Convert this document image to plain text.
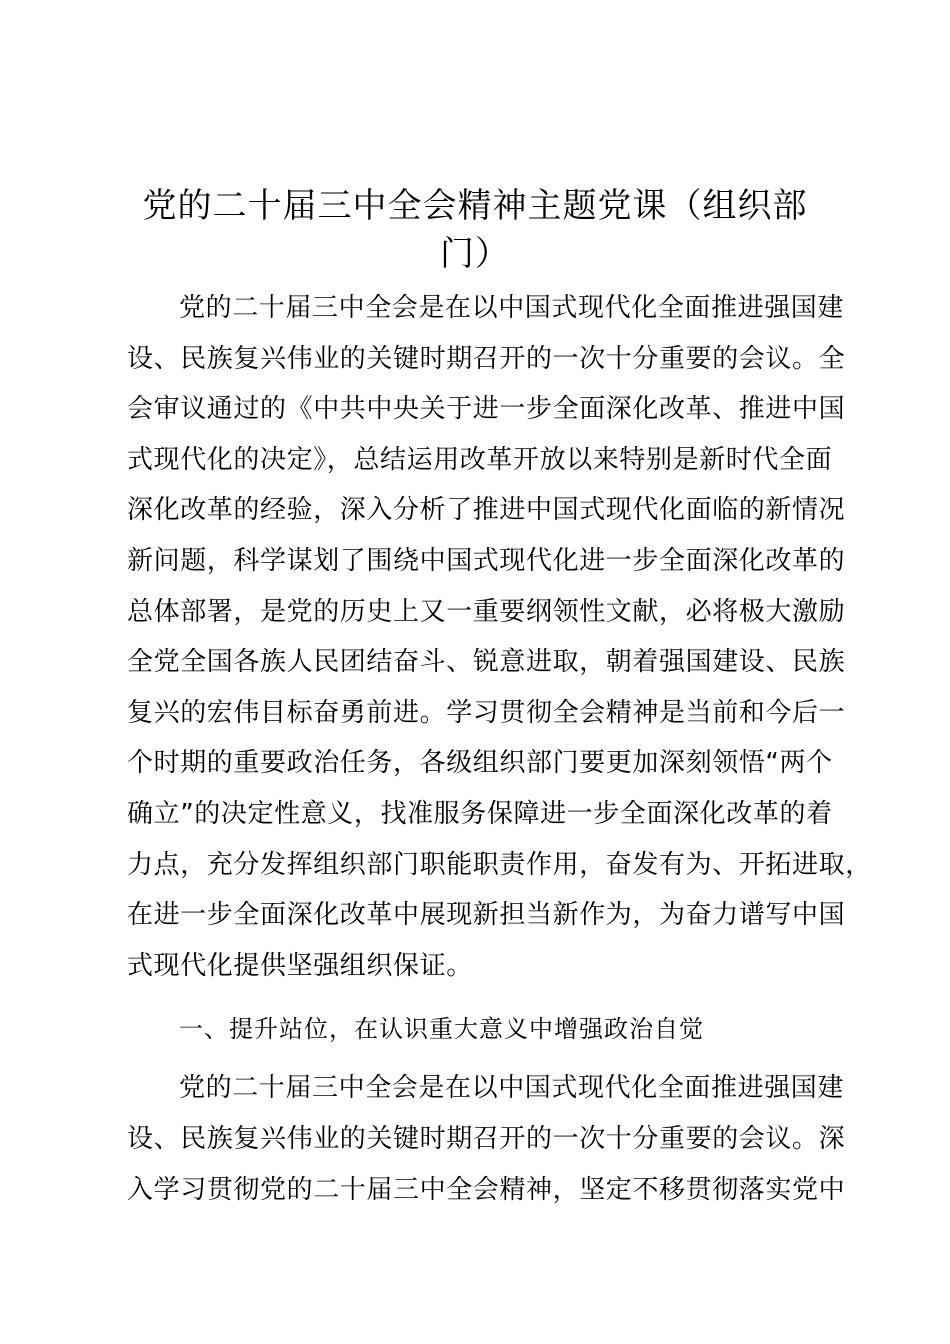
党的二十届三中全会精神主题党课（组织部
门）

党的二十届三中全会是在以中国式现代化全面推进强国建
设、民族复兴伟业的关键时期召开的一次十分重要的会议。全
会审议通过的《中共中央关于进一步全面深化改革、推进中国
式现代化的决定》，总结运用改革开放以来特别是新时代全面
深化改革的经验，深入分析了推进中国式现代化面临的新情况
新问题，科学谋划了围绕中国式现代化进一步全面深化改革的
总体部署，是党的历史上又一重要纲领性文献，必将极大激励
全党全国各族人民团结奋斗、锐意进取，朝着强国建设、民族
复兴的宏伟目标奋勇前进。学习贯彻全会精神是当前和今后一
个时期的重要政治任务，各级组织部门要更加深刻领悟“两个
确立”的决定性意义，找准服务保障进一步全面深化改革的着
力点，充分发挥组织部门职能职责作用，奋发有为、开拓进取，
在进一步全面深化改革中展现新担当新作为，为奋力谱写中国
式现代化提供坚强组织保证。

一、提升站位，在认识重大意义中增强政治自觉

党的二十届三中全会是在以中国式现代化全面推进强国建
设、民族复兴伟业的关键时期召开的一次十分重要的会议。深
入学习贯彻党的二十届三中全会精神，坚定不移贯彻落实党中
